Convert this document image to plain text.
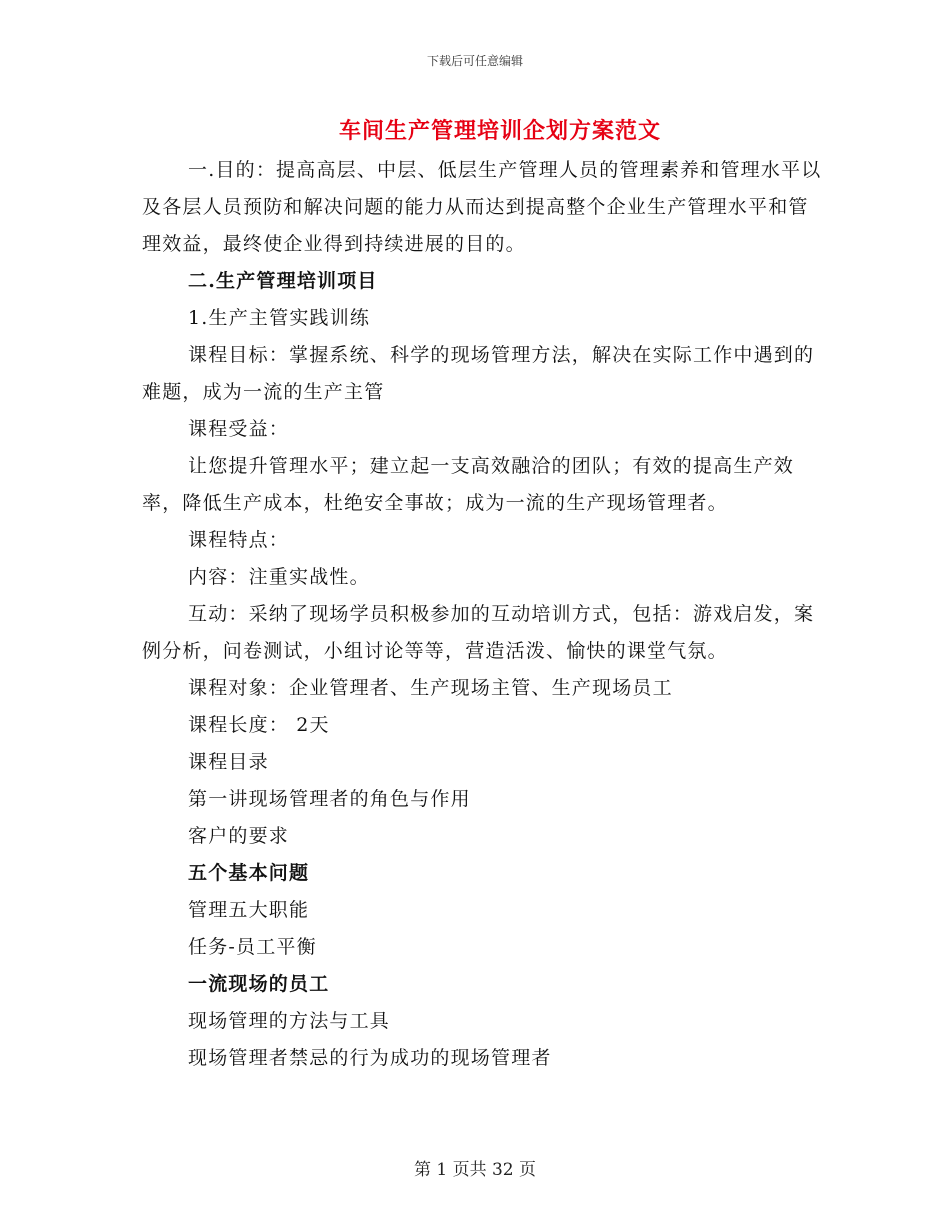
下载后可任意编辑
车间生产管理培训企划方案范文

一.目的：提高高层、中层、低层生产管理人员的管理素养和管理水平以及各层人员预防和解决问题的能力从而达到提高整个企业生产管理水平和管理效益，最终使企业得到持续进展的目的。

二.生产管理培训项目

1.生产主管实践训练

课程目标：掌握系统、科学的现场管理方法，解决在实际工作中遇到的难题，成为一流的生产主管

课程受益：

让您提升管理水平；建立起一支高效融洽的团队；有效的提高生产效率，降低生产成本，杜绝安全事故；成为一流的生产现场管理者。

课程特点：

内容：注重实战性。

互动：采纳了现场学员积极参加的互动培训方式，包括：游戏启发，案例分析，问卷测试，小组讨论等等，营造活泼、愉快的课堂气氛。

课程对象：企业管理者、生产现场主管、生产现场员工

课程长度： 2天

课程目录

第一讲现场管理者的角色与作用

客户的要求

五个基本问题

管理五大职能

任务-员工平衡

一流现场的员工

现场管理的方法与工具

现场管理者禁忌的行为成功的现场管理者

第 1 页共 32 页
